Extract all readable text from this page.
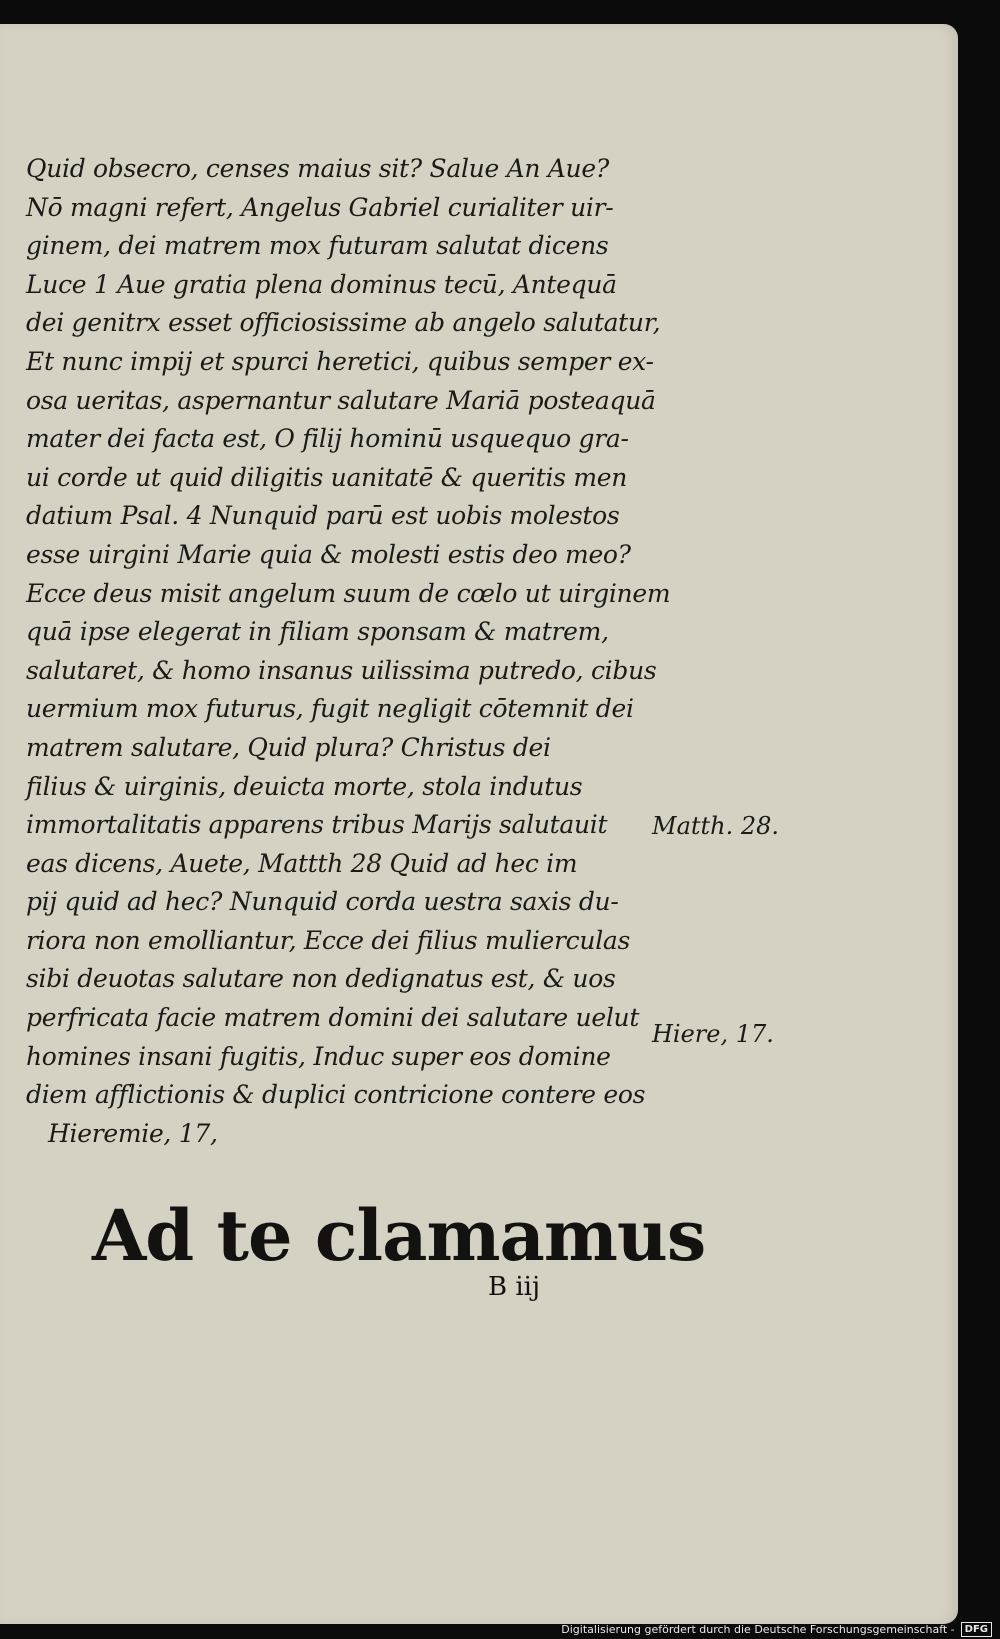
Quid obsecro, censes maius sit? Salue An Aue?
Nō magni refert, Angelus Gabriel curialiter uir-
ginem, dei matrem mox futuram salutat dicens
Luce 1 Aue gratia plena dominus tecū, Antequā
dei genitrx esset officiosissime ab angelo salutatur,
Et nunc impij et spurci heretici, quibus semper ex-
osa ueritas, aspernantur salutare Mariā posteaquā
mater dei facta est, O filij hominū usquequo gra-
ui corde ut quid diligitis uanitatē & queritis men
datium Psal. 4 Nunquid parū est uobis molestos
esse uirgini Marie quia & molesti estis deo meo?
Ecce deus misit angelum suum de cœlo ut uirginem
quā ipse elegerat in filiam sponsam & matrem,
salutaret, & homo insanus uilissima putredo, cibus
uermium mox futurus, fugit negligit cōtemnit dei
matrem salutare, Quid plura? Christus dei
filius & uirginis, deuicta morte, stola indutus
immortalitatis apparens tribus Marijs salutauit
eas dicens, Auete, Mattth 28 Quid ad hec im
pij quid ad hec? Nunquid corda uestra saxis du-
riora non emolliantur, Ecce dei filius mulierculas
sibi deuotas salutare non dedignatus est, & uos
perfricata facie matrem domini dei salutare uelut
homines insani fugitis, Induc super eos domine
diem afflictionis & duplici contricione contere eos
Hieremie, 17,
Matth. 28.
Hiere, 17.
Ad te clamamus
B iij
Digitalisierung gefördert durch die Deutsche Forschungsgemeinschaft -	DFG
